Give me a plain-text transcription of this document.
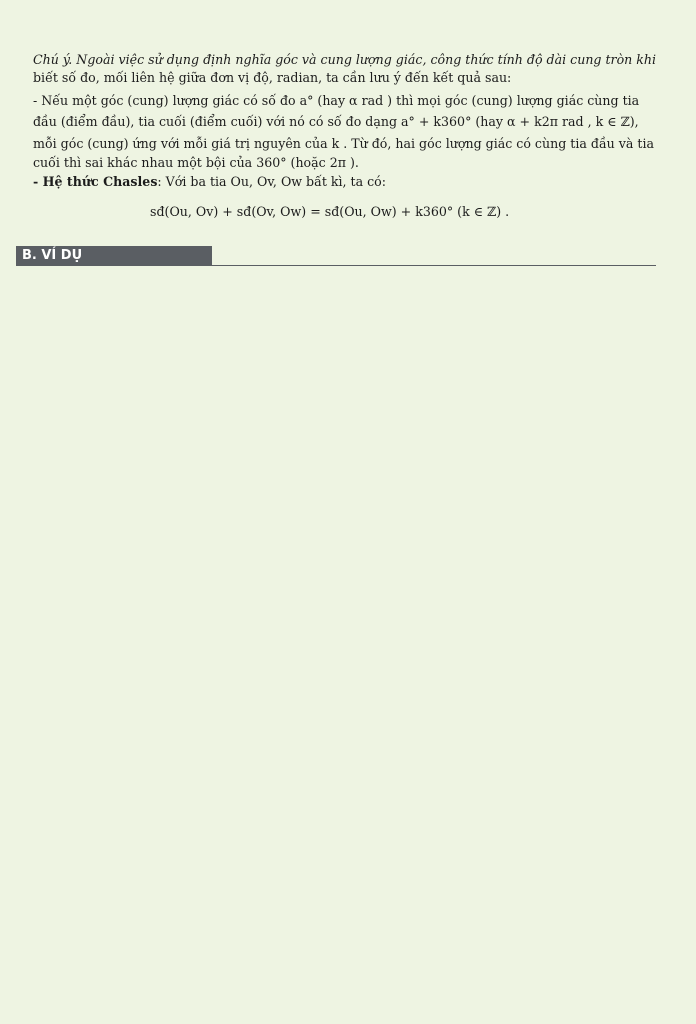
Chú ý. Ngoài việc sử dụng định nghĩa góc và cung lượng giác, công thức tính độ dài cung tròn khi
biết số đo, mối liên hệ giữa đơn vị độ, radian, ta cần lưu ý đến kết quả sau:
- Nếu một góc (cung) lượng giác có số đo a° (hay α rad ) thì mọi góc (cung) lượng giác cùng tia
đầu (điểm đầu), tia cuối (điểm cuối) với nó có số đo dạng a° + k360° (hay α + k2π rad , k ∈ ℤ),
mỗi góc (cung) ứng với mỗi giá trị nguyên của k . Từ đó, hai góc lượng giác có cùng tia đầu và tia
cuối thì sai khác nhau một bội của 360° (hoặc 2π ).
- Hệ thức Chasles: Với ba tia Ou, Ov, Ow bất kì, ta có:
sđ(Ou, Ov) + sđ(Ov, Ow) = sđ(Ou, Ow) + k360° (k ∈ ℤ) .
B. VÍ DỤ
